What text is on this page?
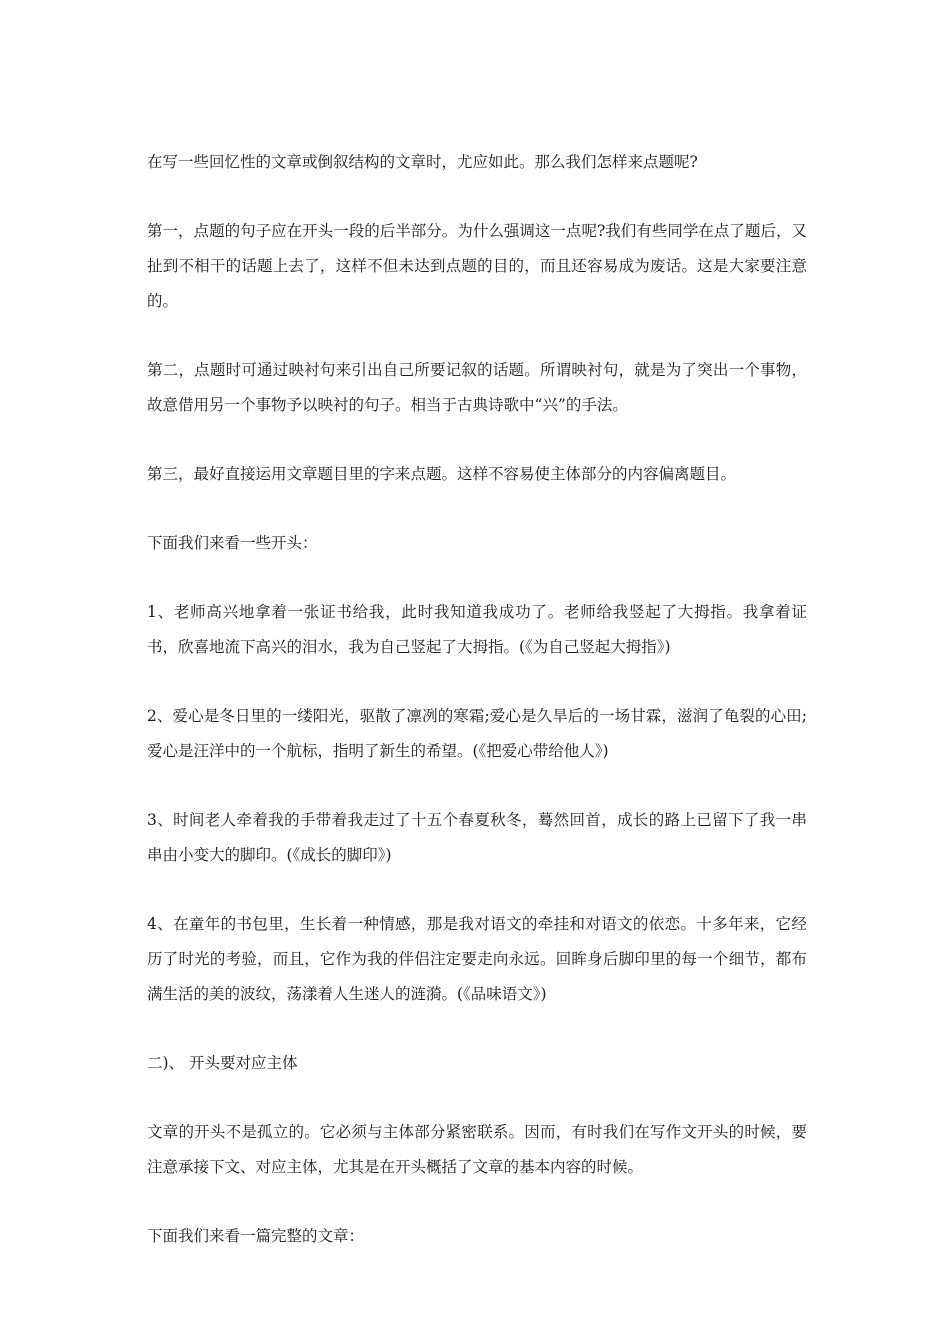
在写一些回忆性的文章或倒叙结构的文章时，尤应如此。那么我们怎样来点题呢?

第一，点题的句子应在开头一段的后半部分。为什么强调这一点呢?我们有些同学在点了题后，又扯到不相干的话题上去了，这样不但未达到点题的目的，而且还容易成为废话。这是大家要注意的。

第二，点题时可通过映衬句来引出自己所要记叙的话题。所谓映衬句，就是为了突出一个事物，故意借用另一个事物予以映衬的句子。相当于古典诗歌中“兴”的手法。

第三，最好直接运用文章题目里的字来点题。这样不容易使主体部分的内容偏离题目。

下面我们来看一些开头：

1、老师高兴地拿着一张证书给我，此时我知道我成功了。老师给我竖起了大拇指。我拿着证书，欣喜地流下高兴的泪水，我为自己竖起了大拇指。(《为自己竖起大拇指》)

2、爱心是冬日里的一缕阳光，驱散了凛冽的寒霜;爱心是久旱后的一场甘霖，滋润了龟裂的心田;爱心是汪洋中的一个航标，指明了新生的希望。(《把爱心带给他人》)

3、时间老人牵着我的手带着我走过了十五个春夏秋冬，蓦然回首，成长的路上已留下了我一串串由小变大的脚印。(《成长的脚印》)

4、在童年的书包里，生长着一种情感，那是我对语文的牵挂和对语文的依恋。十多年来，它经历了时光的考验，而且，它作为我的伴侣注定要走向永远。回眸身后脚印里的每一个细节，都布满生活的美的波纹，荡漾着人生迷人的涟漪。(《品味语文》)

二)、 开头要对应主体

文章的开头不是孤立的。它必须与主体部分紧密联系。因而，有时我们在写作文开头的时候，要注意承接下文、对应主体，尤其是在开头概括了文章的基本内容的时候。

下面我们来看一篇完整的文章：
